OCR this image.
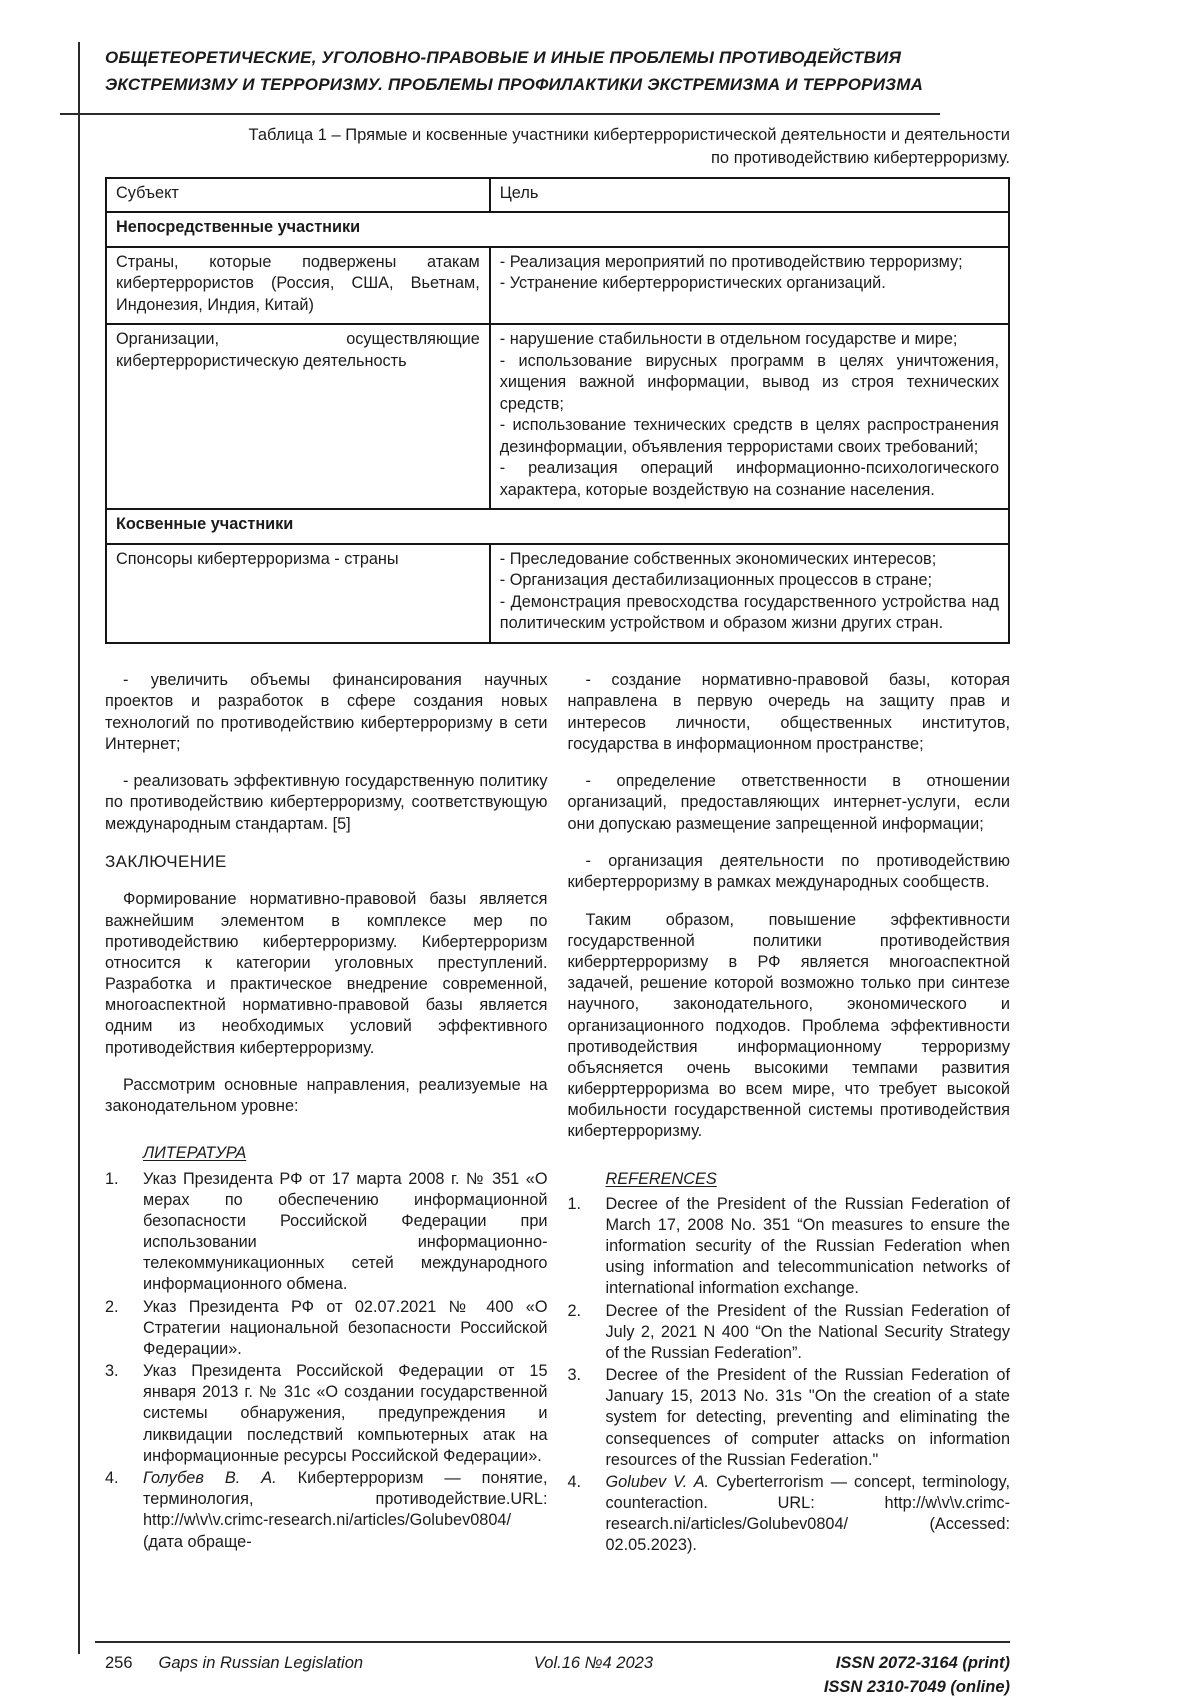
ОБЩЕТЕОРЕТИЧЕСКИЕ, УГОЛОВНО-ПРАВОВЫЕ И ИНЫЕ ПРОБЛЕМЫ ПРОТИВОДЕЙСТВИЯ
ЭКСТРЕМИЗМУ И ТЕРРОРИЗМУ. ПРОБЛЕМЫ ПРОФИЛАКТИКИ ЭКСТРЕМИЗМА И ТЕРРОРИЗМА
Таблица 1 – Прямые и косвенные участники кибертеррористической деятельности и деятельности
по противодействию кибертерроризму.
Субъект	Цель
Непосредственные участники	
Страны, которые подвержены атакам кибертеррористов (Россия, США, Вьетнам, Индонезия, Индия, Китай)	- Реализация мероприятий по противодействию терроризму;
- Устранение кибертеррористических организаций.
Организации, осуществляющие кибертеррористическую деятельность	- нарушение стабильности в отдельном государстве и мире;
- использование вирусных программ в целях уничтожения, хищения важной информации, вывод из строя технических средств;
- использование технических средств в целях распространения дезинформации, объявления террористами своих требований;
- реализация операций информационно-психологического характера, которые воздействую на сознание населения.
Косвенные участники	
Спонсоры кибертерроризма - страны	- Преследование собственных экономических интересов;
- Организация дестабилизационных процессов в стране;
- Демонстрация превосходства государственного устройства над политическим устройством и образом жизни других стран.

- увеличить объемы финансирования научных проектов и разработок в сфере создания новых технологий по противодействию кибертерроризму в сети Интернет;

- реализовать эффективную государственную политику по противодействию кибертерроризму, соответствующую международным стандартам. [5]

ЗАКЛЮЧЕНИЕ

Формирование нормативно-правовой базы является важнейшим элементом в комплексе мер по противодействию кибертерроризму. Кибертерроризм относится к категории уголовных преступлений. Разработка и практическое внедрение современной, многоаспектной нормативно-правовой базы является одним из необходимых условий эффективного противодействия кибертерроризму.

Рассмотрим основные направления, реализуемые на законодательном уровне:

ЛИТЕРАТУРА
1.	Указ Президента РФ от 17 марта 2008 г. № 351 «О мерах по обеспечению информационной безопасности Российской Федерации при использовании информационно-телекоммуникационных сетей международного информационного обмена.
2.	Указ Президента РФ от 02.07.2021 № 400 «О Стратегии национальной безопасности Российской Федерации».
3.	Указ Президента Российской Федерации от 15 января 2013 г. № 31с «О создании государственной системы обнаружения, предупреждения и ликвидации последствий компьютерных атак на информационные ресурсы Российской Федерации».
4.	Голубев В. А. Кибертерроризм — понятие, терминология, противодействие.URL: http://w\v\v.crimc-research.ni/articles/Golubev0804/ (дата обраще-

- создание нормативно-правовой базы, которая направлена в первую очередь на защиту прав и интересов личности, общественных институтов, государства в информационном пространстве;

- определение ответственности в отношении организаций, предоставляющих интернет-услуги, если они допускаю размещение запрещенной информации;

- организация деятельности по противодействию кибертерроризму в рамках международных сообществ.

Таким образом, повышение эффективности государственной политики противодействия киберртерроризму в РФ является многоаспектной задачей, решение которой возможно только при синтезе научного, законодательного, экономического и организационного подходов. Проблема эффективности противодействия информационному терроризму объясняется очень высокими темпами развития киберртерроризма во всем мире, что требует высокой мобильности государственной системы противодействия кибертерроризму.

REFERENCES
1.	Decree of the President of the Russian Federation of March 17, 2008 No. 351 “On measures to ensure the information security of the Russian Federation when using information and telecommunication networks of international information exchange.
2.	Decree of the President of the Russian Federation of July 2, 2021 N 400 “On the National Security Strategy of the Russian Federation”.
3.	Decree of the President of the Russian Federation of January 15, 2013 No. 31s "On the creation of a state system for detecting, preventing and eliminating the consequences of computer attacks on information resources of the Russian Federation."
4.	Golubev V. A. Cyberterrorism — concept, terminology, counteraction. URL: http://w\v\v.crimc-research.ni/articles/Golubev0804/ (Accessed: 02.05.2023).
256 Gaps in Russian Legislation	Vol.16 №4 2023	ISSN 2072-3164 (print)
ISSN 2310-7049 (online)
